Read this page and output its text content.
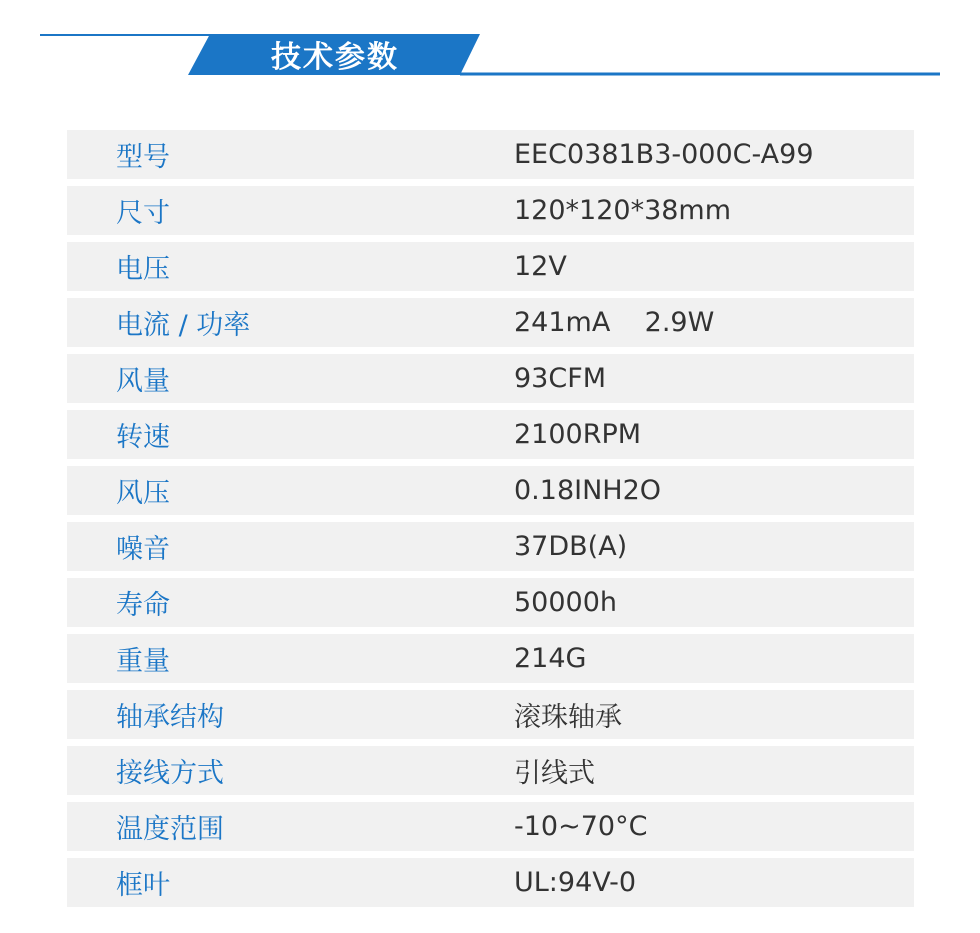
技术参数
型号	EEC0381B3-000C-A99
尺寸	120*120*38mm
电压	12V
电流 / 功率	241mA    2.9W
风量	93CFM
转速	2100RPM
风压	0.18INH2O
噪音	37DB(A)
寿命	50000h
重量	214G
轴承结构	滚珠轴承
接线方式	引线式
温度范围	-10~70°C
框叶	UL:94V-0
